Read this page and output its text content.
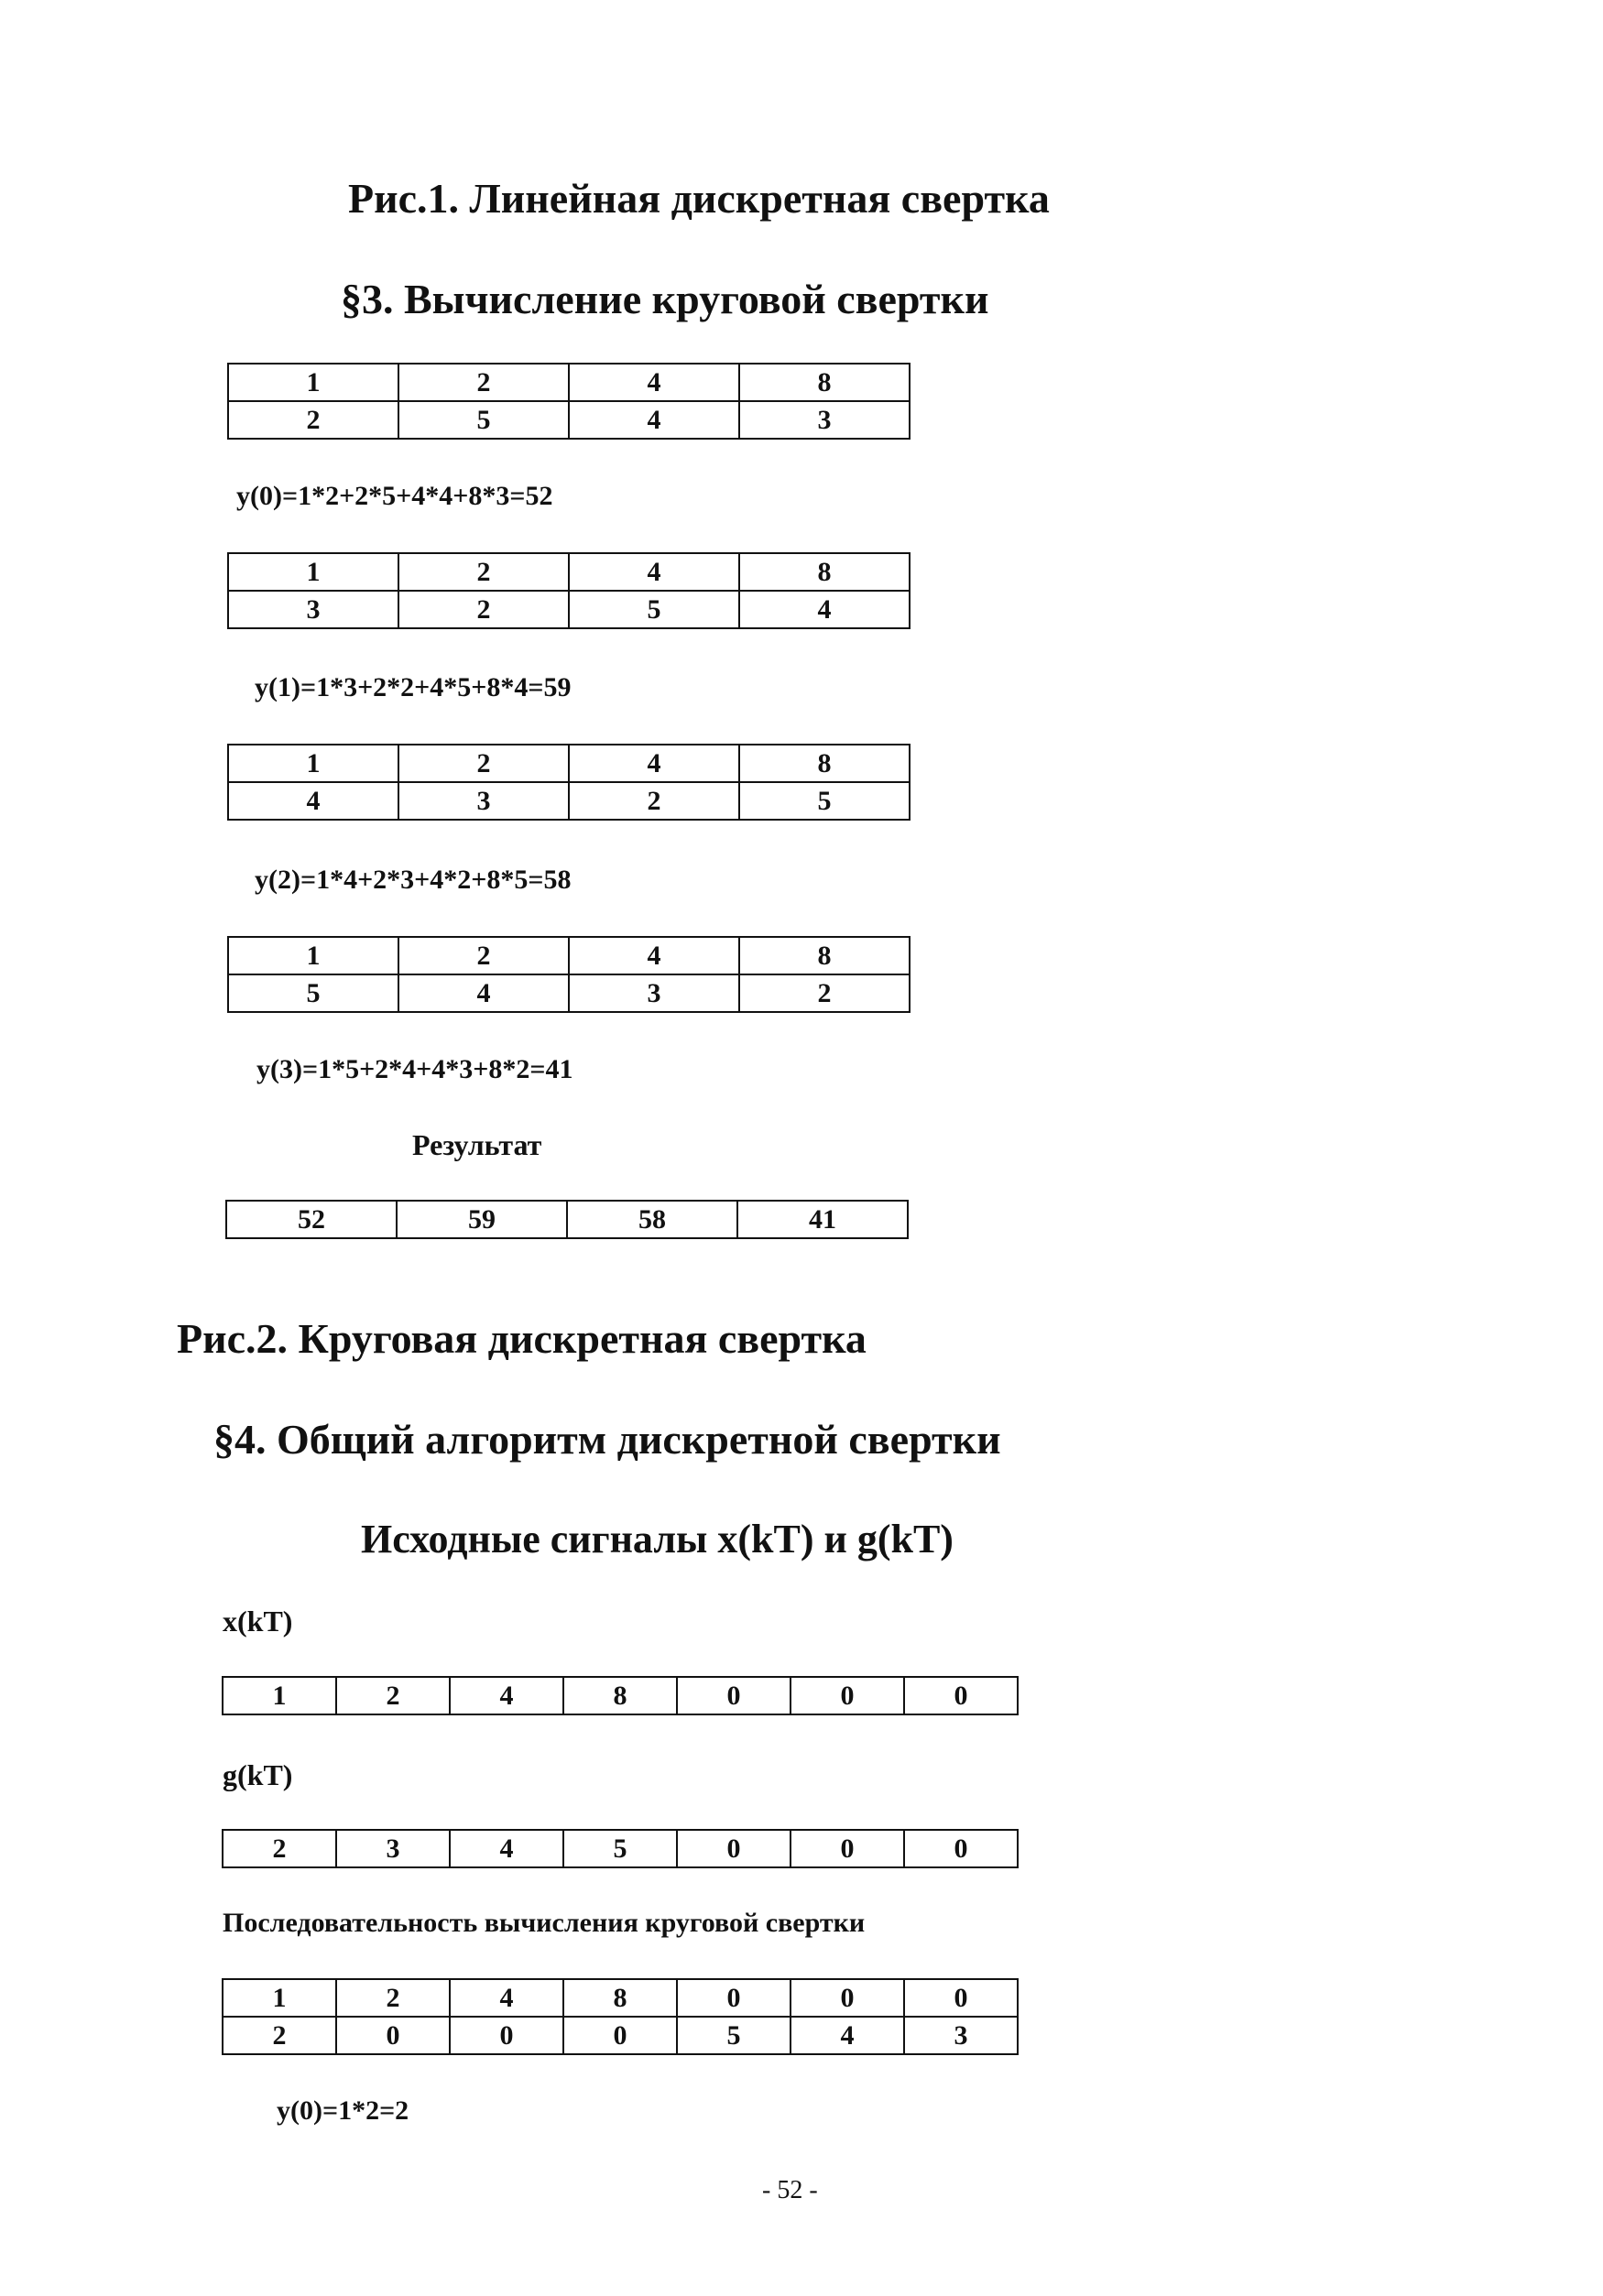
Рис.1. Линейная дискретная свертка
§3. Вычисление круговой свертки
1	2	4	8
2	5	4	3
y(0)=1*2+2*5+4*4+8*3=52
1	2	4	8
3	2	5	4
y(1)=1*3+2*2+4*5+8*4=59
1	2	4	8
4	3	2	5
y(2)=1*4+2*3+4*2+8*5=58
1	2	4	8
5	4	3	2
y(3)=1*5+2*4+4*3+8*2=41
Результат
52	59	58	41
Рис.2. Круговая дискретная свертка
§4. Общий алгоритм дискретной свертки
Исходные сигналы x(kT) и g(kT)
x(kT)
1	2	4	8	0	0	0
g(kT)
2	3	4	5	0	0	0
Последовательность вычисления круговой свертки
1	2	4	8	0	0	0
2	0	0	0	5	4	3
y(0)=1*2=2
- 52 -
